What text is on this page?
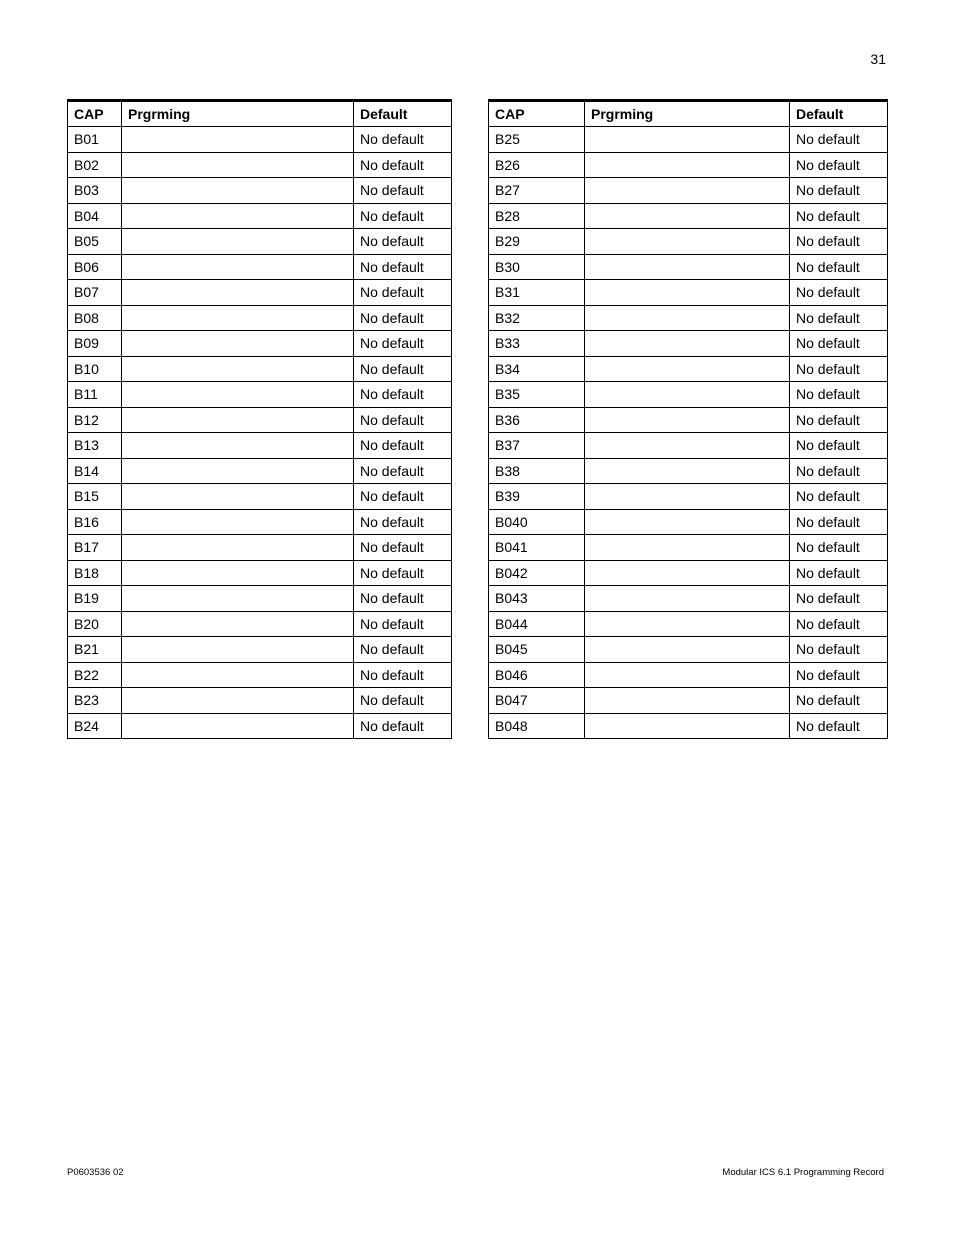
31
CAP	Prgrming	Default
B01		No default
B02		No default
B03		No default
B04		No default
B05		No default
B06		No default
B07		No default
B08		No default
B09		No default
B10		No default
B11		No default
B12		No default
B13		No default
B14		No default
B15		No default
B16		No default
B17		No default
B18		No default
B19		No default
B20		No default
B21		No default
B22		No default
B23		No default
B24		No default
CAP	Prgrming	Default
B25		No default
B26		No default
B27		No default
B28		No default
B29		No default
B30		No default
B31		No default
B32		No default
B33		No default
B34		No default
B35		No default
B36		No default
B37		No default
B38		No default
B39		No default
B040		No default
B041		No default
B042		No default
B043		No default
B044		No default
B045		No default
B046		No default
B047		No default
B048		No default
P0603536 02	Modular ICS 6.1 Programming Record
